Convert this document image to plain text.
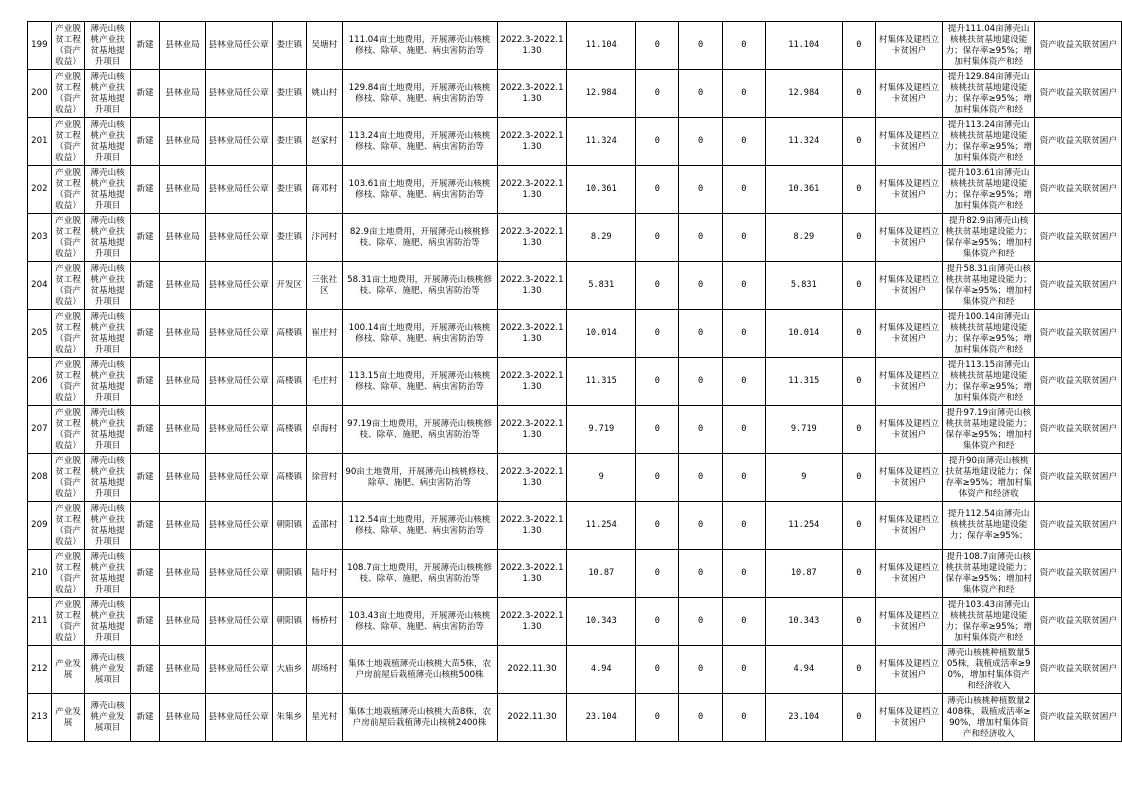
199	产业脱贫工程（资产收益）	薄壳山核桃产业扶贫基地提升项目	新建	县林业局	县林业局任公章	娄庄镇	吴塘村	111.04亩土地费用，开展薄壳山核桃修枝、除草、施肥、病虫害防治等	2022.3-2022.11.30	11.104	0	0	0	11.104	0	村集体及建档立卡贫困户	提升111.04亩薄壳山核桃扶贫基地建设能力；保存率≥95%；增加村集体资产和经	资产收益关联贫困户

200	产业脱贫工程（资产收益）	薄壳山核桃产业扶贫基地提升项目	新建	县林业局	县林业局任公章	娄庄镇	姚山村	129.84亩土地费用，开展薄壳山核桃修枝、除草、施肥、病虫害防治等	2022.3-2022.11.30	12.984	0	0	0	12.984	0	村集体及建档立卡贫困户	提升129.84亩薄壳山核桃扶贫基地建设能力；保存率≥95%；增加村集体资产和经	资产收益关联贫困户

201	产业脱贫工程（资产收益）	薄壳山核桃产业扶贫基地提升项目	新建	县林业局	县林业局任公章	娄庄镇	赵家村	113.24亩土地费用，开展薄壳山核桃修枝、除草、施肥、病虫害防治等	2022.3-2022.11.30	11.324	0	0	0	11.324	0	村集体及建档立卡贫困户	提升113.24亩薄壳山核桃扶贫基地建设能力；保存率≥95%；增加村集体资产和经	资产收益关联贫困户

202	产业脱贫工程（资产收益）	薄壳山核桃产业扶贫基地提升项目	新建	县林业局	县林业局任公章	娄庄镇	蒋邓村	103.61亩土地费用，开展薄壳山核桃修枝、除草、施肥、病虫害防治等	2022.3-2022.11.30	10.361	0	0	0	10.361	0	村集体及建档立卡贫困户	提升103.61亩薄壳山核桃扶贫基地建设能力；保存率≥95%；增加村集体资产和经	资产收益关联贫困户

203	产业脱贫工程（资产收益）	薄壳山核桃产业扶贫基地提升项目	新建	县林业局	县林业局任公章	娄庄镇	汴河村	82.9亩土地费用，开展薄壳山核桃修枝、除草、施肥、病虫害防治等	2022.3-2022.11.30	8.29	0	0	0	8.29	0	村集体及建档立卡贫困户	提升82.9亩薄壳山核桃扶贫基地建设能力；保存率≥95%；增加村集体资产和经	资产收益关联贫困户

204	产业脱贫工程（资产收益）	薄壳山核桃产业扶贫基地提升项目	新建	县林业局	县林业局任公章	开发区	三张社区	58.31亩土地费用，开展薄壳山核桃修枝、除草、施肥、病虫害防治等	2022.3-2022.11.30	5.831	0	0	0	5.831	0	村集体及建档立卡贫困户	提升58.31亩薄壳山核桃扶贫基地建设能力；保存率≥95%；增加村集体资产和经	资产收益关联贫困户

205	产业脱贫工程（资产收益）	薄壳山核桃产业扶贫基地提升项目	新建	县林业局	县林业局任公章	高楼镇	崔庄村	100.14亩土地费用，开展薄壳山核桃修枝、除草、施肥、病虫害防治等	2022.3-2022.11.30	10.014	0	0	0	10.014	0	村集体及建档立卡贫困户	提升100.14亩薄壳山核桃扶贫基地建设能力；保存率≥95%；增加村集体资产和经	资产收益关联贫困户

206	产业脱贫工程（资产收益）	薄壳山核桃产业扶贫基地提升项目	新建	县林业局	县林业局任公章	高楼镇	毛庄村	113.15亩土地费用，开展薄壳山核桃修枝、除草、施肥、病虫害防治等	2022.3-2022.11.30	11.315	0	0	0	11.315	0	村集体及建档立卡贫困户	提升113.15亩薄壳山核桃扶贫基地建设能力；保存率≥95%；增加村集体资产和经	资产收益关联贫困户

207	产业脱贫工程（资产收益）	薄壳山核桃产业扶贫基地提升项目	新建	县林业局	县林业局任公章	高楼镇	卓海村	97.19亩土地费用，开展薄壳山核桃修枝、除草、施肥、病虫害防治等	2022.3-2022.11.30	9.719	0	0	0	9.719	0	村集体及建档立卡贫困户	提升97.19亩薄壳山核桃扶贫基地建设能力；保存率≥95%；增加村集体资产和经	资产收益关联贫困户

208	产业脱贫工程（资产收益）	薄壳山核桃产业扶贫基地提升项目	新建	县林业局	县林业局任公章	高楼镇	徐营村	90亩土地费用，开展薄壳山核桃修枝、除草、施肥、病虫害防治等	2022.3-2022.11.30	9	0	0	0	9	0	村集体及建档立卡贫困户	提升90亩薄壳山核桃扶贫基地建设能力；保存率≥95%；增加村集体资产和经济收	资产收益关联贫困户

209	产业脱贫工程（资产收益）	薄壳山核桃产业扶贫基地提升项目	新建	县林业局	县林业局任公章	朝阳镇	孟邵村	112.54亩土地费用，开展薄壳山核桃修枝、除草、施肥、病虫害防治等	2022.3-2022.11.30	11.254	0	0	0	11.254	0	村集体及建档立卡贫困户	提升112.54亩薄壳山核桃扶贫基地建设能力；保存率≥95%；	资产收益关联贫困户

210	产业脱贫工程（资产收益）	薄壳山核桃产业扶贫基地提升项目	新建	县林业局	县林业局任公章	朝阳镇	陆圩村	108.7亩土地费用，开展薄壳山核桃修枝、除草、施肥、病虫害防治等	2022.3-2022.11.30	10.87	0	0	0	10.87	0	村集体及建档立卡贫困户	提升108.7亩薄壳山核桃扶贫基地建设能力；保存率≥95%；增加村集体资产和经	资产收益关联贫困户

211	产业脱贫工程（资产收益）	薄壳山核桃产业扶贫基地提升项目	新建	县林业局	县林业局任公章	朝阳镇	杨桥村	103.43亩土地费用，开展薄壳山核桃修枝、除草、施肥、病虫害防治等	2022.3-2022.11.30	10.343	0	0	0	10.343	0	村集体及建档立卡贫困户	提升103.43亩薄壳山核桃扶贫基地建设能力；保存率≥95%；增加村集体资产和经	资产收益关联贫困户

212	产业发展	薄壳山核桃产业发展项目	新建	县林业局	县林业局任公章	大庙乡	胡场村	集体土地栽植薄壳山核桃大苗5株，农户房前屋后栽植薄壳山核桃500株	2022.11.30	4.94	0	0	0	4.94	0	村集体及建档立卡贫困户	薄壳山核桃种植数量505株，栽植成活率≥90%，增加村集体资产和经济收入	资产收益关联贫困户

213	产业发展	薄壳山核桃产业发展项目	新建	县林业局	县林业局任公章	朱集乡	星光村	集体土地栽植薄壳山核桃大苗8株，农户房前屋后栽植薄壳山核桃2400株	2022.11.30	23.104	0	0	0	23.104	0	村集体及建档立卡贫困户	薄壳山核桃种植数量2408株，栽植成活率≥90%，增加村集体资产和经济收入	资产收益关联贫困户
